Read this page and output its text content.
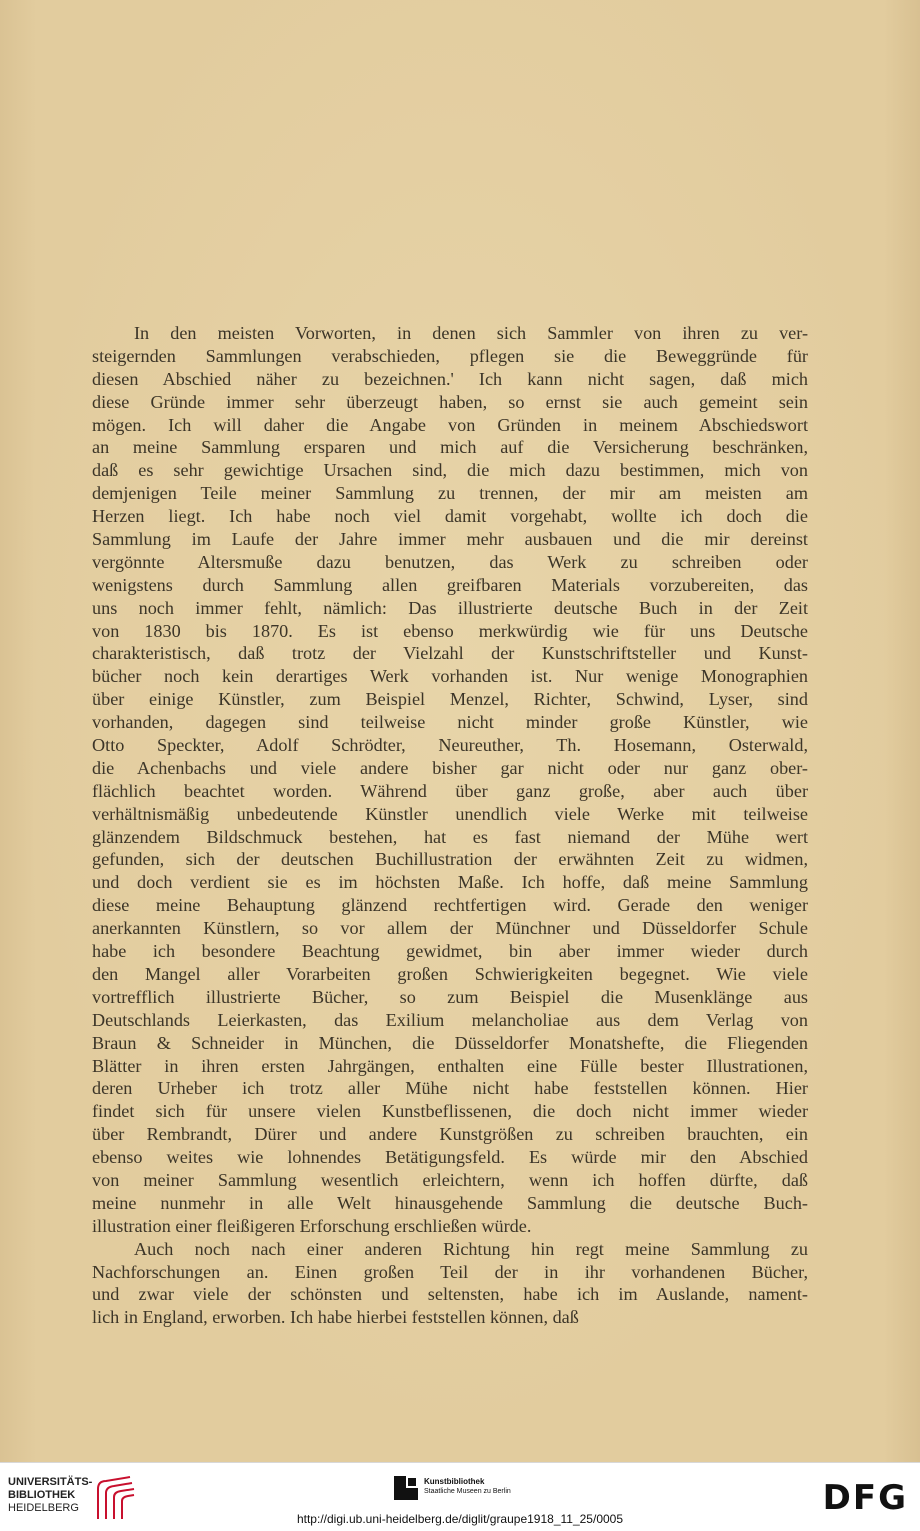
In den meisten Vorworten, in denen sich Sammler von ihren zu ver-
steigernden Sammlungen verabschieden, pflegen sie die Beweggründe für
diesen Abschied näher zu bezeichnen.' Ich kann nicht sagen, daß mich
diese Gründe immer sehr überzeugt haben, so ernst sie auch gemeint sein
mögen. Ich will daher die Angabe von Gründen in meinem Abschiedswort
an meine Sammlung ersparen und mich auf die Versicherung beschränken,
daß es sehr gewichtige Ursachen sind, die mich dazu bestimmen, mich von
demjenigen Teile meiner Sammlung zu trennen, der mir am meisten am
Herzen liegt. Ich habe noch viel damit vorgehabt, wollte ich doch die
Sammlung im Laufe der Jahre immer mehr ausbauen und die mir dereinst
vergönnte Altersmuße dazu benutzen, das Werk zu schreiben oder
wenigstens durch Sammlung allen greifbaren Materials vorzubereiten, das
uns noch immer fehlt, nämlich: Das illustrierte deutsche Buch in der Zeit
von 1830 bis 1870. Es ist ebenso merkwürdig wie für uns Deutsche
charakteristisch, daß trotz der Vielzahl der Kunstschriftsteller und Kunst-
bücher noch kein derartiges Werk vorhanden ist. Nur wenige Monographien
über einige Künstler, zum Beispiel Menzel, Richter, Schwind, Lyser, sind
vorhanden, dagegen sind teilweise nicht minder große Künstler, wie
Otto Speckter, Adolf Schrödter, Neureuther, Th. Hosemann, Osterwald,
die Achenbachs und viele andere bisher gar nicht oder nur ganz ober-
flächlich beachtet worden. Während über ganz große, aber auch über
verhältnismäßig unbedeutende Künstler unendlich viele Werke mit teilweise
glänzendem Bildschmuck bestehen, hat es fast niemand der Mühe wert
gefunden, sich der deutschen Buchillustration der erwähnten Zeit zu widmen,
und doch verdient sie es im höchsten Maße. Ich hoffe, daß meine Sammlung
diese meine Behauptung glänzend rechtfertigen wird. Gerade den weniger
anerkannten Künstlern, so vor allem der Münchner und Düsseldorfer Schule
habe ich besondere Beachtung gewidmet, bin aber immer wieder durch
den Mangel aller Vorarbeiten großen Schwierigkeiten begegnet. Wie viele
vortrefflich illustrierte Bücher, so zum Beispiel die Musenklänge aus
Deutschlands Leierkasten, das Exilium melancholiae aus dem Verlag von
Braun & Schneider in München, die Düsseldorfer Monatshefte, die Fliegenden
Blätter in ihren ersten Jahrgängen, enthalten eine Fülle bester Illustrationen,
deren Urheber ich trotz aller Mühe nicht habe feststellen können. Hier
findet sich für unsere vielen Kunstbeflissenen, die doch nicht immer wieder
über Rembrandt, Dürer und andere Kunstgrößen zu schreiben brauchten, ein
ebenso weites wie lohnendes Betätigungsfeld. Es würde mir den Abschied
von meiner Sammlung wesentlich erleichtern, wenn ich hoffen dürfte, daß
meine nunmehr in alle Welt hinausgehende Sammlung die deutsche Buch-
illustration einer fleißigeren Erforschung erschließen würde.
Auch noch nach einer anderen Richtung hin regt meine Sammlung zu
Nachforschungen an. Einen großen Teil der in ihr vorhandenen Bücher,
und zwar viele der schönsten und seltensten, habe ich im Auslande, nament-
lich in England, erworben. Ich habe hierbei feststellen können, daß
UNIVERSITÄTS-
BIBLIOTHEK
HEIDELBERG
Kunstbibliothek
Staatliche Museen zu Berlin	DFG
http://digi.ub.uni-heidelberg.de/diglit/graupe1918_11_25/0005
